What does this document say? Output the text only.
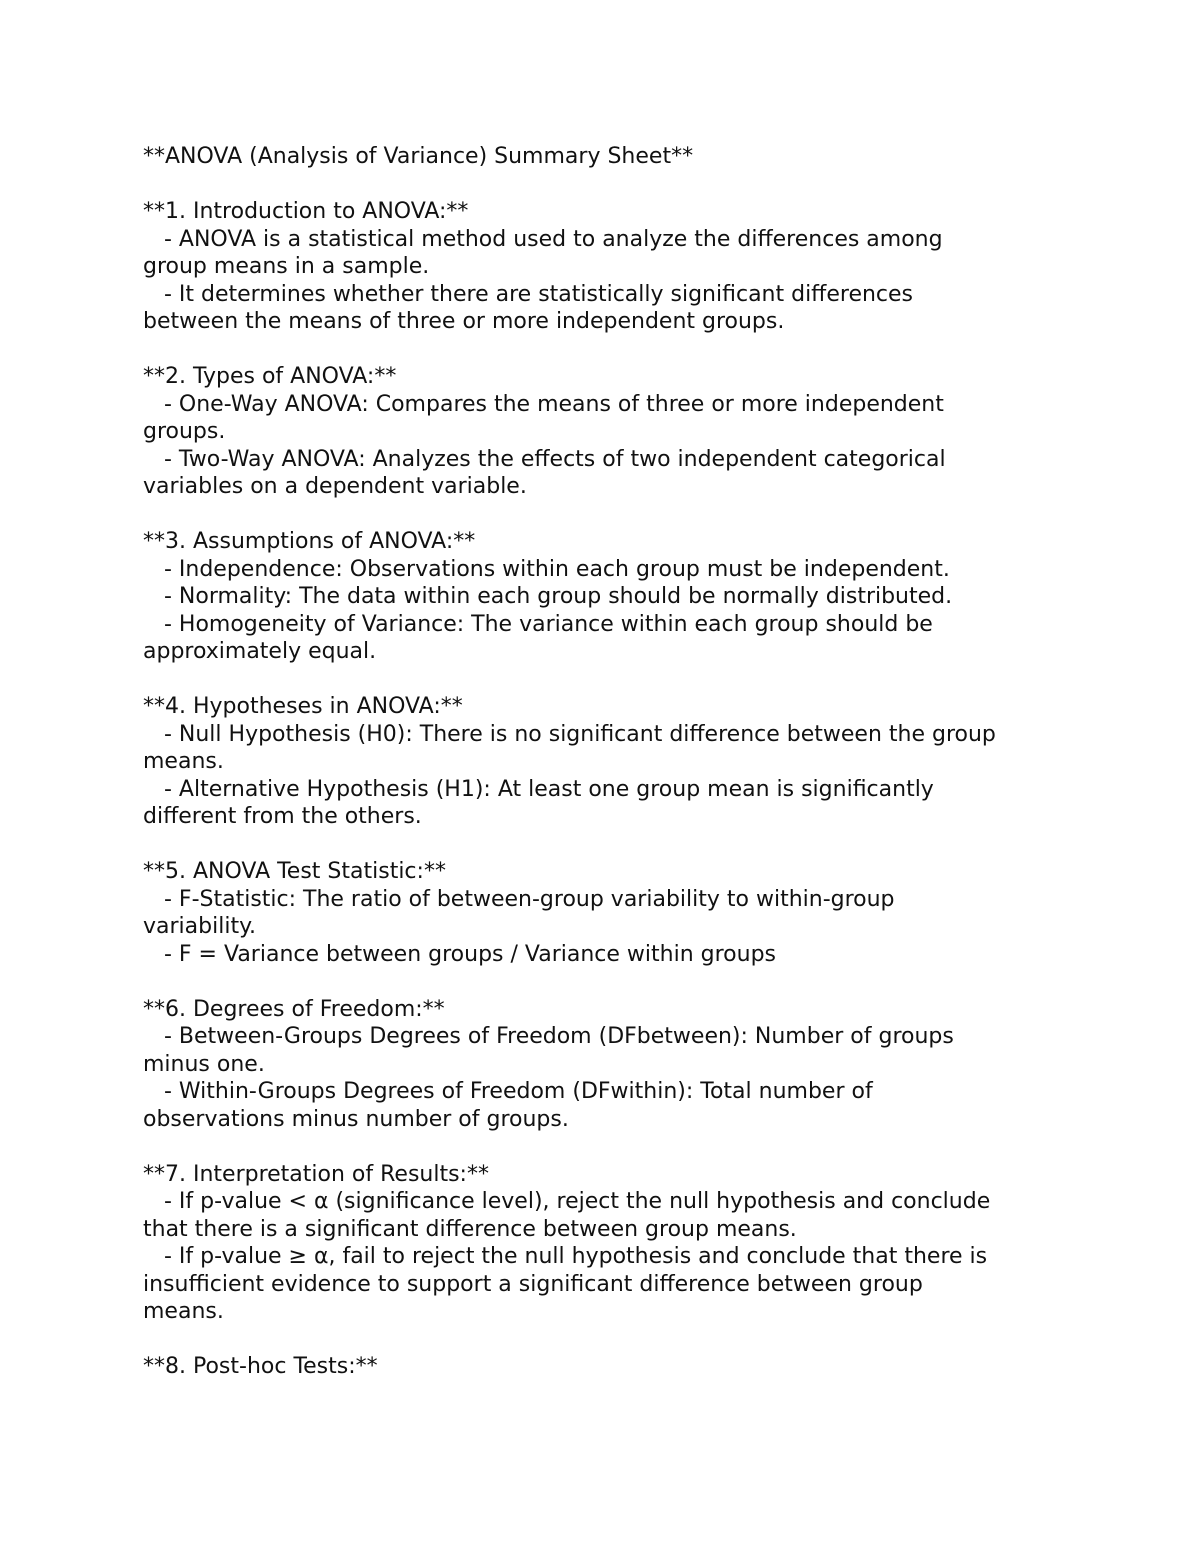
**ANOVA (Analysis of Variance) Summary Sheet**
**1. Introduction to ANOVA:**
- ANOVA is a statistical method used to analyze the differences among
group means in a sample.
- It determines whether there are statistically significant differences
between the means of three or more independent groups.
**2. Types of ANOVA:**
- One-Way ANOVA: Compares the means of three or more independent
groups.
- Two-Way ANOVA: Analyzes the effects of two independent categorical
variables on a dependent variable.
**3. Assumptions of ANOVA:**
- Independence: Observations within each group must be independent.
- Normality: The data within each group should be normally distributed.
- Homogeneity of Variance: The variance within each group should be
approximately equal.
**4. Hypotheses in ANOVA:**
- Null Hypothesis (H0): There is no significant difference between the group
means.
- Alternative Hypothesis (H1): At least one group mean is significantly
different from the others.
**5. ANOVA Test Statistic:**
- F-Statistic: The ratio of between-group variability to within-group
variability.
- F = Variance between groups / Variance within groups
**6. Degrees of Freedom:**
- Between-Groups Degrees of Freedom (DFbetween): Number of groups
minus one.
- Within-Groups Degrees of Freedom (DFwithin): Total number of
observations minus number of groups.
**7. Interpretation of Results:**
- If p-value < α (significance level), reject the null hypothesis and conclude
that there is a significant difference between group means.
- If p-value ≥ α, fail to reject the null hypothesis and conclude that there is
insufficient evidence to support a significant difference between group
means.
**8. Post-hoc Tests:**
